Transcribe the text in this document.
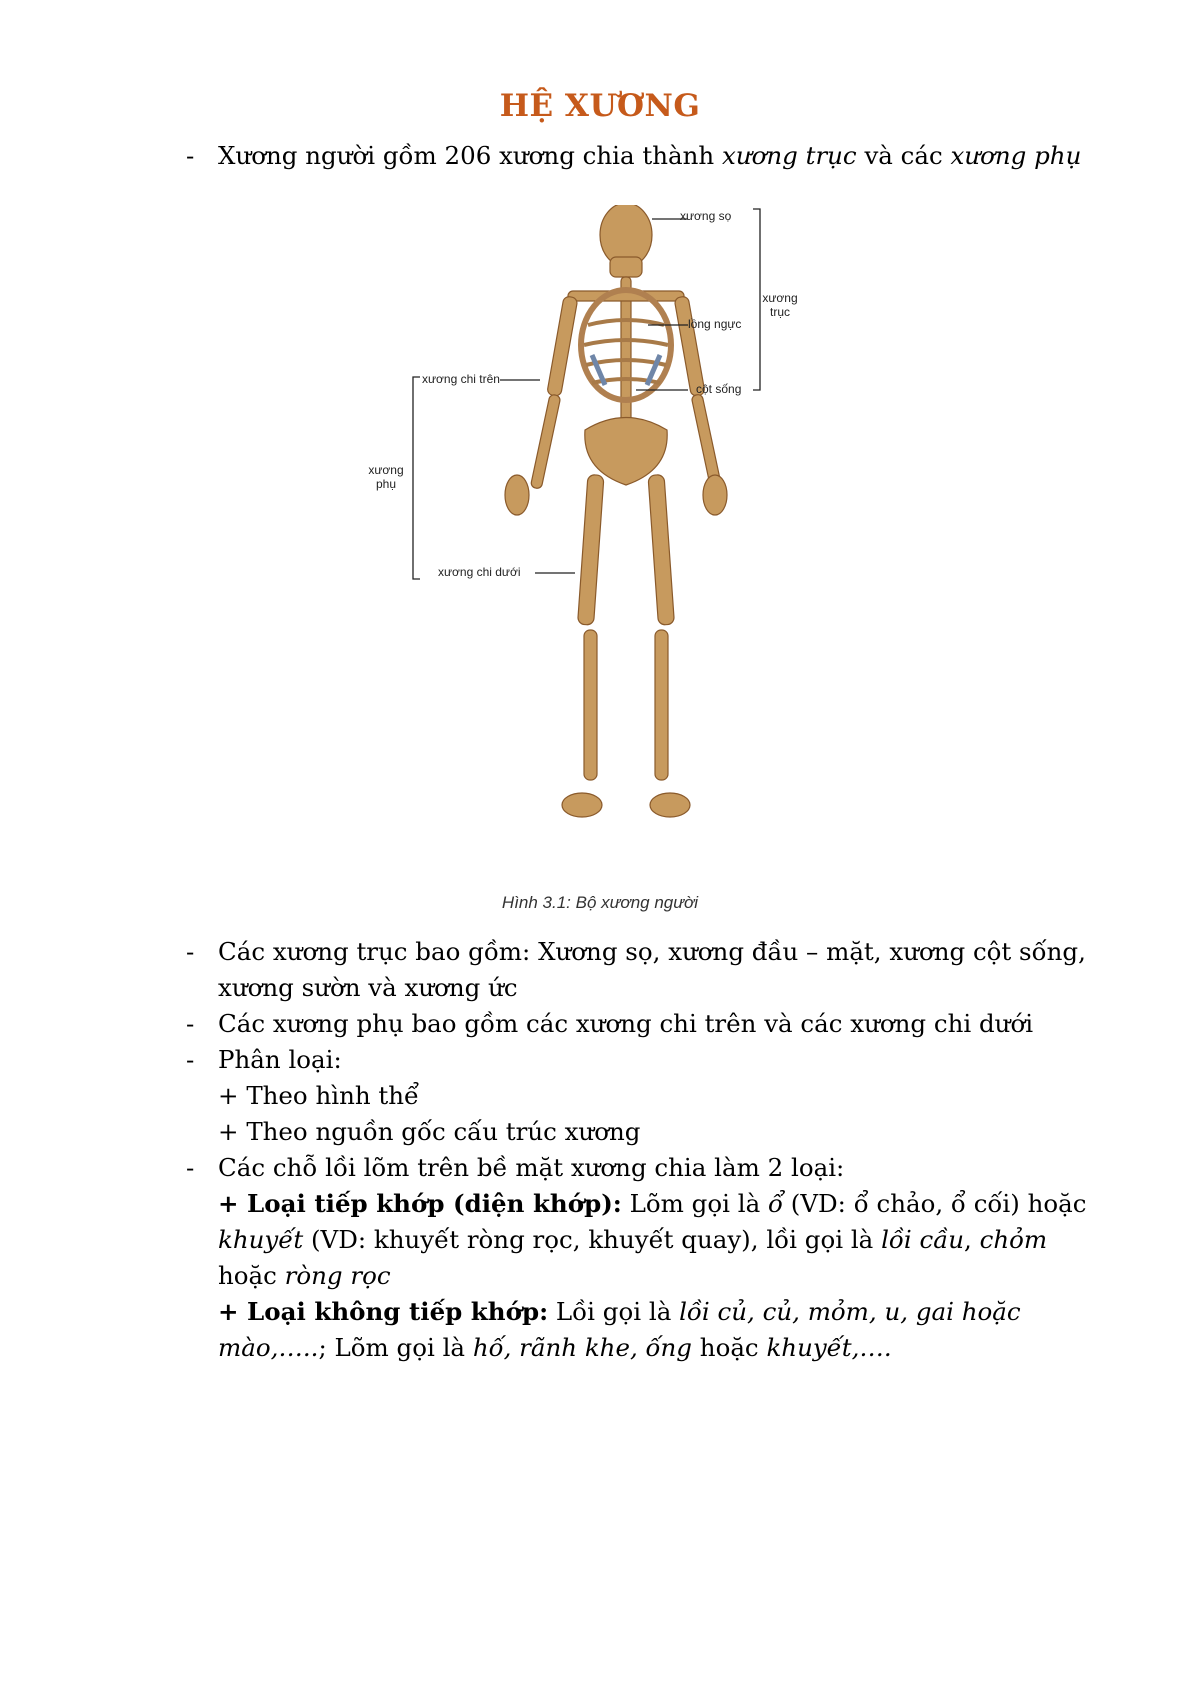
HỆ XƯƠNG
- Xương người gồm 206 xương chia thành xương trục và các xương phụ
xương sọ
xương trục
lồng ngực
cột sống
xương chi trên
xương phụ
xương chi dưới
Hình 3.1: Bộ xương người
- Các xương trục bao gồm: Xương sọ, xương đầu – mặt, xương cột sống,
xương sườn và xương ức
- Các xương phụ bao gồm các xương chi trên và các xương chi dưới
- Phân loại:
+ Theo hình thể
+ Theo nguồn gốc cấu trúc xương
- Các chỗ lồi lõm trên bề mặt xương chia làm 2 loại:
+ Loại tiếp khớp (diện khớp): Lõm gọi là ổ (VD: ổ chảo, ổ cối) hoặc
khuyết (VD: khuyết ròng rọc, khuyết quay), lồi gọi là lồi cầu, chỏm
hoặc ròng rọc
+ Loại không tiếp khớp: Lồi gọi là lồi củ, củ, mỏm, u, gai hoặc
mào,…..; Lõm gọi là hố, rãnh khe, ống hoặc khuyết,….
